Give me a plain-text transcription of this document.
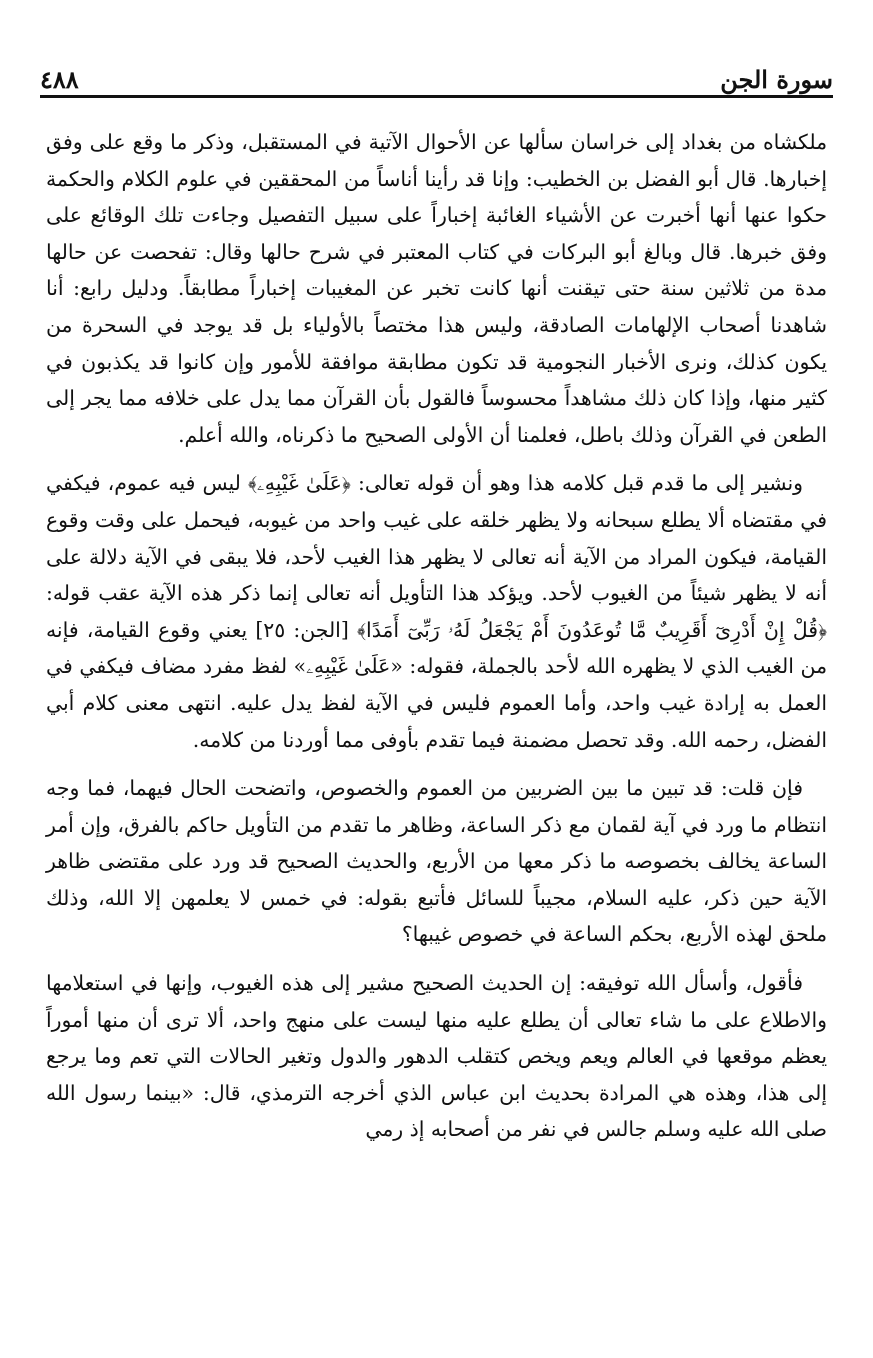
سورة الجن
٤٨٨

ملكشاه من بغداد إلى خراسان سألها عن الأحوال الآتية في المستقبل، وذكر ما وقع على وفق إخبارها. قال أبو الفضل بن الخطيب: وإنا قد رأينا أناساً من المحققين في علوم الكلام والحكمة حكوا عنها أنها أخبرت عن الأشياء الغائبة إخباراً على سبيل التفصيل وجاءت تلك الوقائع على وفق خبرها. قال وبالغ أبو البركات في كتاب المعتبر في شرح حالها وقال: تفحصت عن حالها مدة من ثلاثين سنة حتى تيقنت أنها كانت تخبر عن المغيبات إخباراً مطابقاً. ودليل رابع: أنا شاهدنا أصحاب الإلهامات الصادقة، وليس هذا مختصاً بالأولياء بل قد يوجد في السحرة من يكون كذلك، ونرى الأخبار النجومية قد تكون مطابقة موافقة للأمور وإن كانوا قد يكذبون في كثير منها، وإذا كان ذلك مشاهداً محسوساً فالقول بأن القرآن مما يدل على خلافه مما يجر إلى الطعن في القرآن وذلك باطل، فعلمنا أن الأولى الصحيح ما ذكرناه، والله أعلم.

ونشير إلى ما قدم قبل كلامه هذا وهو أن قوله تعالى: ﴿عَلَىٰ غَيْبِهِۦ﴾ ليس فيه عموم، فيكفي في مقتضاه ألا يطلع سبحانه ولا يظهر خلقه على غيب واحد من غيوبه، فيحمل على وقت وقوع القيامة، فيكون المراد من الآية أنه تعالى لا يظهر هذا الغيب لأحد، فلا يبقى في الآية دلالة على أنه لا يظهر شيئاً من الغيوب لأحد. ويؤكد هذا التأويل أنه تعالى إنما ذكر هذه الآية عقب قوله: ﴿قُلْ إِنْ أَدْرِىٓ أَقَرِيبٌ مَّا تُوعَدُونَ أَمْ يَجْعَلُ لَهُۥ رَبِّىٓ أَمَدًا﴾ [الجن: ٢٥] يعني وقوع القيامة، فإنه من الغيب الذي لا يظهره الله لأحد بالجملة، فقوله: «عَلَىٰ غَيْبِهِۦ» لفظ مفرد مضاف فيكفي في العمل به إرادة غيب واحد، وأما العموم فليس في الآية لفظ يدل عليه. انتهى معنى كلام أبي الفضل، رحمه الله. وقد تحصل مضمنة فيما تقدم بأوفى مما أوردنا من كلامه.

فإن قلت: قد تبين ما بين الضربين من العموم والخصوص، واتضحت الحال فيهما، فما وجه انتظام ما ورد في آية لقمان مع ذكر الساعة، وظاهر ما تقدم من التأويل حاكم بالفرق، وإن أمر الساعة يخالف بخصوصه ما ذكر معها من الأربع، والحديث الصحيح قد ورد على مقتضى ظاهر الآية حين ذكر، عليه السلام، مجيباً للسائل فأتبع بقوله: في خمس لا يعلمهن إلا الله، وذلك ملحق لهذه الأربع، بحكم الساعة في خصوص غيبها؟

فأقول، وأسأل الله توفيقه: إن الحديث الصحيح مشير إلى هذه الغيوب، وإنها في استعلامها والاطلاع على ما شاء تعالى أن يطلع عليه منها ليست على منهج واحد، ألا ترى أن منها أموراً يعظم موقعها في العالم ويعم ويخص كتقلب الدهور والدول وتغير الحالات التي تعم وما يرجع إلى هذا، وهذه هي المرادة بحديث ابن عباس الذي أخرجه الترمذي، قال: «بينما رسول الله صلى الله عليه وسلم جالس في نفر من أصحابه إذ رمي
